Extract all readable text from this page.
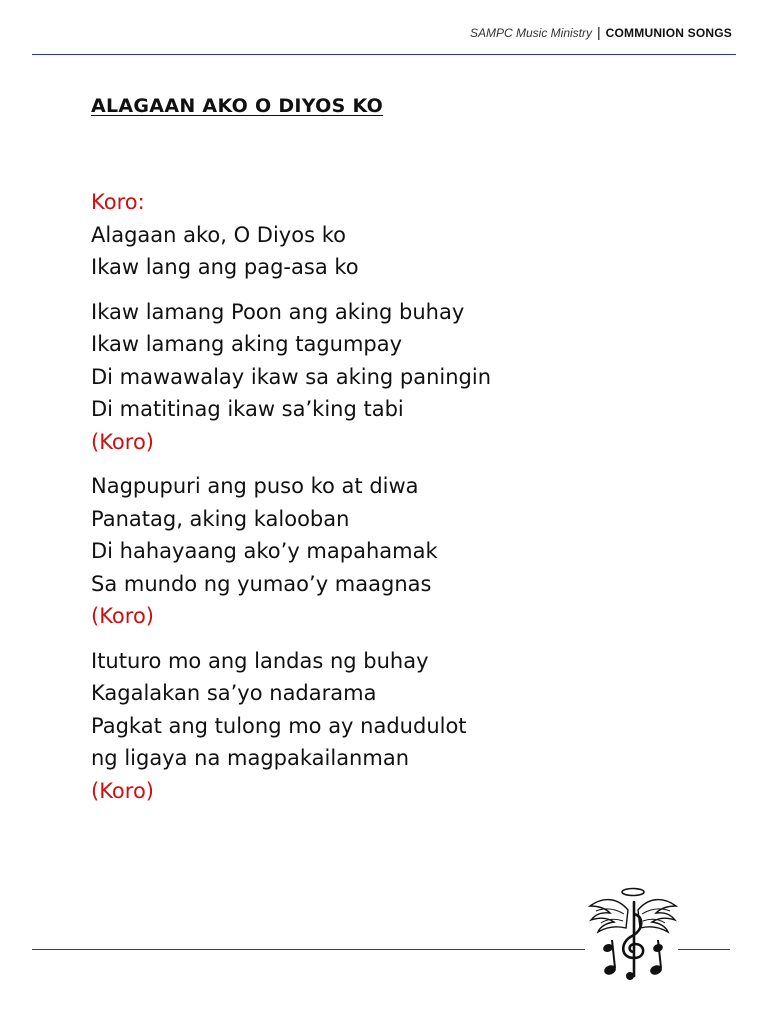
SAMPC Music Ministry | COMMUNION SONGS
ALAGAAN AKO O DIYOS KO
Koro:
Alagaan ako, O Diyos ko
Ikaw lang ang pag-asa ko
Ikaw lamang Poon ang aking buhay
Ikaw lamang aking tagumpay
Di mawawalay ikaw sa aking paningin
Di matitinag ikaw sa’king tabi
(Koro)
Nagpupuri ang puso ko at diwa
Panatag, aking kalooban
Di hahayaang ako’y mapahamak
Sa mundo ng yumao’y maagnas
(Koro)
Ituturo mo ang landas ng buhay
Kagalakan sa’yo nadarama
Pagkat ang tulong mo ay nadudulot
ng ligaya na magpakailanman
(Koro)
